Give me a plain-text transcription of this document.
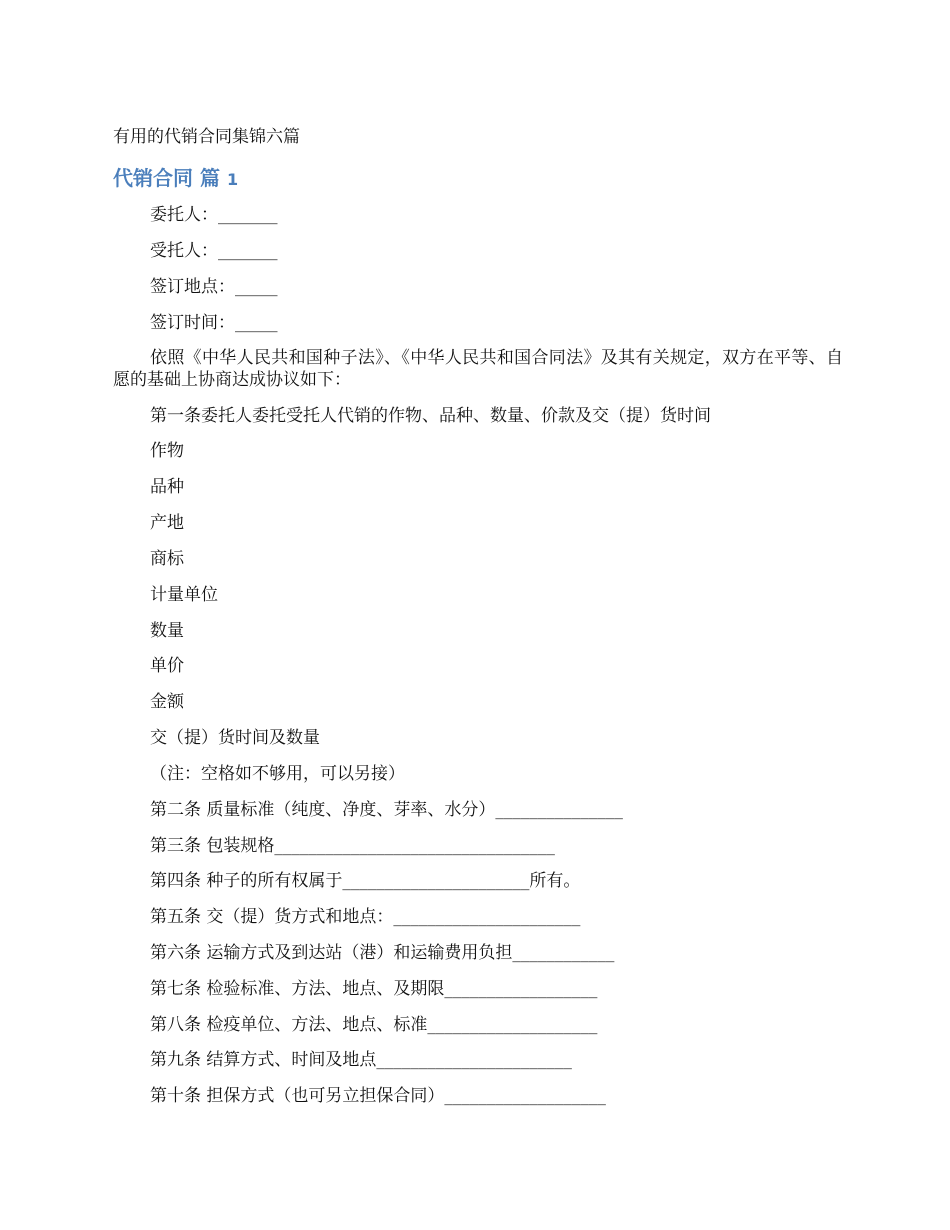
有用的代销合同集锦六篇
代销合同 篇 1
委托人：_______
受托人：_______
签订地点：_____
签订时间：_____
依照《中华人民共和国种子法》、《中华人民共和国合同法》及其有关规定，双方在平等、自愿的基础上协商达成协议如下：
第一条委托人委托受托人代销的作物、品种、数量、价款及交（提）货时间
作物
品种
产地
商标
计量单位
数量
单价
金额
交（提）货时间及数量
（注：空格如不够用，可以另接）
第二条 质量标准（纯度、净度、芽率、水分）_______________
第三条 包装规格_________________________________
第四条 种子的所有权属于______________________所有。
第五条 交（提）货方式和地点：______________________
第六条 运输方式及到达站（港）和运输费用负担____________
第七条 检验标准、方法、地点、及期限__________________
第八条 检疫单位、方法、地点、标准____________________
第九条 结算方式、时间及地点_______________________
第十条 担保方式（也可另立担保合同）___________________
